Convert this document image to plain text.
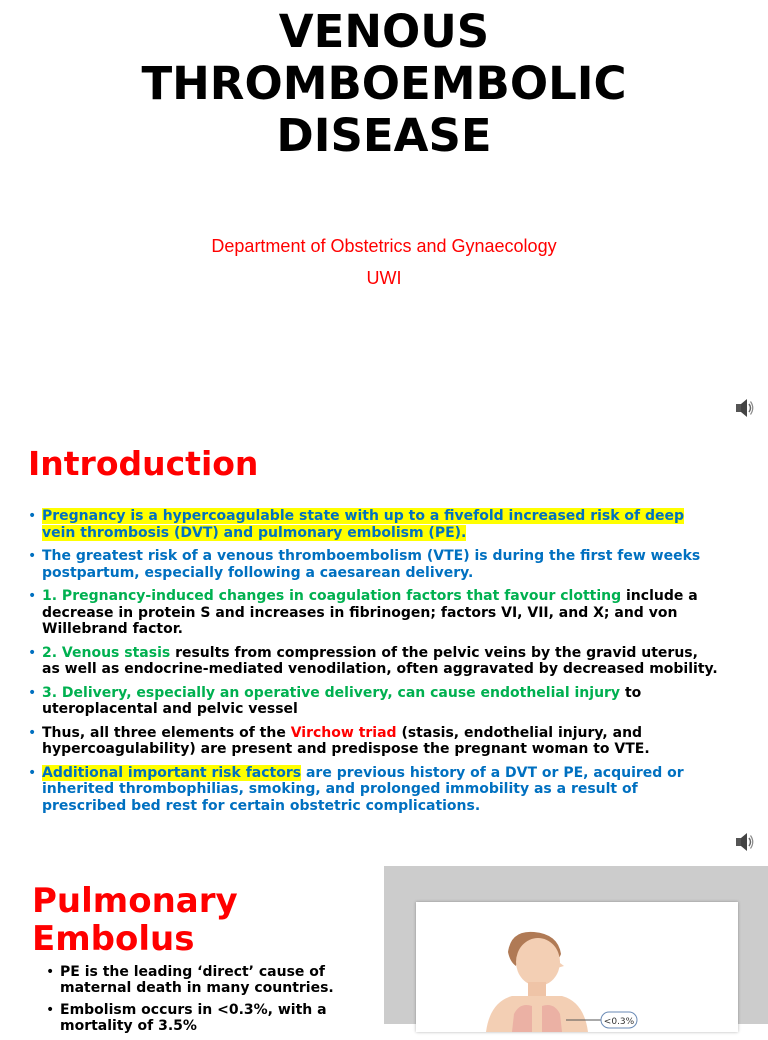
VENOUS
THROMBOEMBOLIC
DISEASE
Department of Obstetrics and Gynaecology
UWI
Introduction
• Pregnancy is a hypercoagulable state with up to a fivefold increased risk of deep vein thrombosis (DVT) and pulmonary embolism (PE).
• The greatest risk of a venous thromboembolism (VTE) is during the first few weeks postpartum, especially following a caesarean delivery.
• 1. Pregnancy-induced changes in coagulation factors that favour clotting include a decrease in protein S and increases in fibrinogen; factors VI, VII, and X; and von Willebrand factor.
• 2. Venous stasis results from compression of the pelvic veins by the gravid uterus, as well as endocrine-mediated venodilation, often aggravated by decreased mobility.
• 3. Delivery, especially an operative delivery, can cause endothelial injury to uteroplacental and pelvic vessel
• Thus, all three elements of the Virchow triad (stasis, endothelial injury, and hypercoagulability) are present and predispose the pregnant woman to VTE.
• Additional important risk factors are previous history of a DVT or PE, acquired or inherited thrombophilias, smoking, and prolonged immobility as a result of prescribed bed rest for certain obstetric complications.
Pulmonary Embolus
• PE is the leading ‘direct’ cause of maternal death in many countries.
• Embolism occurs in <0.3%, with a mortality of 3.5%	<0.3%
